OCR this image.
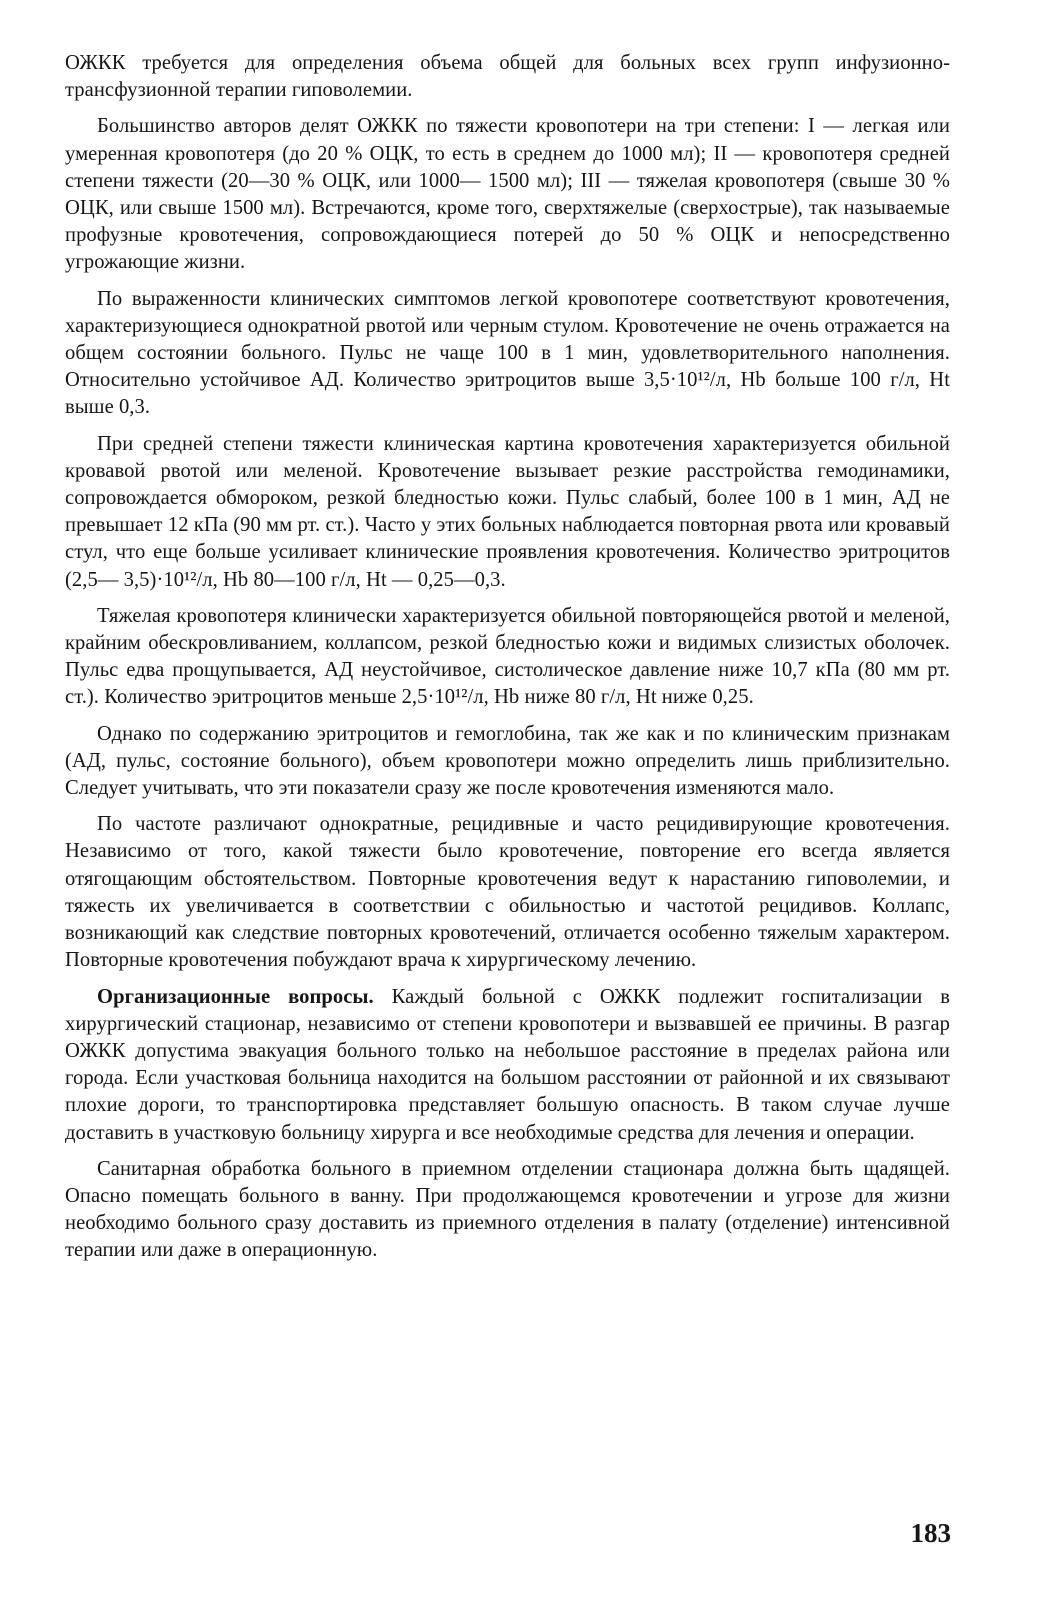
ОЖКК требуется для определения объема общей для больных всех групп инфузионно-трансфузионной терапии гиповолемии.

Большинство авторов делят ОЖКК по тяжести кровопотери на три степени: I — легкая или умеренная кровопотеря (до 20 % ОЦК, то есть в среднем до 1000 мл); II — кровопотеря средней степени тяжести (20—30 % ОЦК, или 1000— 1500 мл); III — тяжелая кровопотеря (свыше 30 % ОЦК, или свыше 1500 мл). Встречаются, кроме того, сверхтяжелые (сверхострые), так называемые профузные кровотечения, сопровождающиеся потерей до 50 % ОЦК и непосредственно угрожающие жизни.

По выраженности клинических симптомов легкой кровопотере соответствуют кровотечения, характеризующиеся однократной рвотой или черным стулом. Кровотечение не очень отражается на общем состоянии больного. Пульс не чаще 100 в 1 мин, удовлетворительного наполнения. Относительно устойчивое АД. Количество эритроцитов выше 3,5·10¹²/л, Hb больше 100 г/л, Ht выше 0,3.

При средней степени тяжести клиническая картина кровотечения характеризуется обильной кровавой рвотой или меленой. Кровотечение вызывает резкие расстройства гемодинамики, сопровождается обмороком, резкой бледностью кожи. Пульс слабый, более 100 в 1 мин, АД не превышает 12 кПа (90 мм рт. ст.). Часто у этих больных наблюдается повторная рвота или кровавый стул, что еще больше усиливает клинические проявления кровотечения. Количество эритроцитов (2,5— 3,5)·10¹²/л, Hb 80—100 г/л, Ht — 0,25—0,3.

Тяжелая кровопотеря клинически характеризуется обильной повторяющейся рвотой и меленой, крайним обескровливанием, коллапсом, резкой бледностью кожи и видимых слизистых оболочек. Пульс едва прощупывается, АД неустойчивое, систолическое давление ниже 10,7 кПа (80 мм рт. ст.). Количество эритроцитов меньше 2,5·10¹²/л, Hb ниже 80 г/л, Ht ниже 0,25.

Однако по содержанию эритроцитов и гемоглобина, так же как и по клиническим признакам (АД, пульс, состояние больного), объем кровопотери можно определить лишь приблизительно. Следует учитывать, что эти показатели сразу же после кровотечения изменяются мало.

По частоте различают однократные, рецидивные и часто рецидивирующие кровотечения. Независимо от того, какой тяжести было кровотечение, повторение его всегда является отягощающим обстоятельством. Повторные кровотечения ведут к нарастанию гиповолемии, и тяжесть их увеличивается в соответствии с обильностью и частотой рецидивов. Коллапс, возникающий как следствие повторных кровотечений, отличается особенно тяжелым характером. Повторные кровотечения побуждают врача к хирургическому лечению.

Организационные вопросы. Каждый больной с ОЖКК подлежит госпитализации в хирургический стационар, независимо от степени кровопотери и вызвавшей ее причины. В разгар ОЖКК допустима эвакуация больного только на небольшое расстояние в пределах района или города. Если участковая больница находится на большом расстоянии от районной и их связывают плохие дороги, то транспортировка представляет большую опасность. В таком случае лучше доставить в участковую больницу хирурга и все необходимые средства для лечения и операции.

Санитарная обработка больного в приемном отделении стационара должна быть щадящей. Опасно помещать больного в ванну. При продолжающемся кровотечении и угрозе для жизни необходимо больного сразу доставить из приемного отделения в палату (отделение) интенсивной терапии или даже в операционную.

183
